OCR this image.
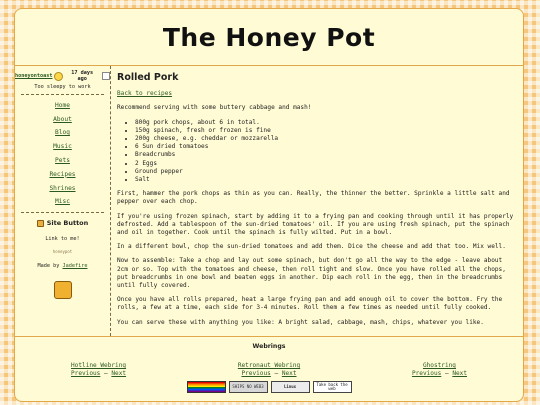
The Honey Pot
honeyontoast	17 days ago
Too sleepy to work
Home
About
Blog
Music
Pets
Recipes
Shrines
Misc
Site Button
Link to me!
honeypot
Made by Jadefire
Rolled Pork

Back to recipes

Recommend serving with some buttery cabbage and mash!

• 800g pork chops, about 6 in total.
• 150g spinach, fresh or frozen is fine
• 200g cheese, e.g. cheddar or mozzarella
• 6 Sun dried tomatoes
• Breadcrumbs
• 2 Eggs
• Ground pepper
• Salt

First, hammer the pork chops as thin as you can. Really, the thinner the better. Sprinkle a little salt and pepper over each chop.

If you're using frozen spinach, start by adding it to a frying pan and cooking through until it has properly defrosted. Add a tablespoon of the sun-dried tomatoes' oil. If you are using fresh spinach, put the spinach and oil in together. Cook until the spinach is fully wilted. Put in a bowl.

In a different bowl, chop the sun-dried tomatoes and add them. Dice the cheese and add that too. Mix well.

Now to assemble: Take a chop and lay out some spinach, but don't go all the way to the edge - leave about 2cm or so. Top with the tomatoes and cheese, then roll tight and slow. Once you have rolled all the chops, put breadcrumbs in one bowl and beaten eggs in another. Dip each roll in the egg, then in the breadcrumbs until fully covered.

Once you have all rolls prepared, heat a large frying pan and add enough oil to cover the bottom. Fry the rolls, a few at a time, each side for 3-4 minutes. Roll them a few times as needed until fully cooked.

You can serve these with anything you like: A bright salad, cabbage, mash, chips, whatever you like.

Webrings
Hotline Webring
Previous – Next
Retronaut Webring
Previous – Next
Ghostring
Previous – Next
SHIPS NO WEB3	Linux	Take back the web
